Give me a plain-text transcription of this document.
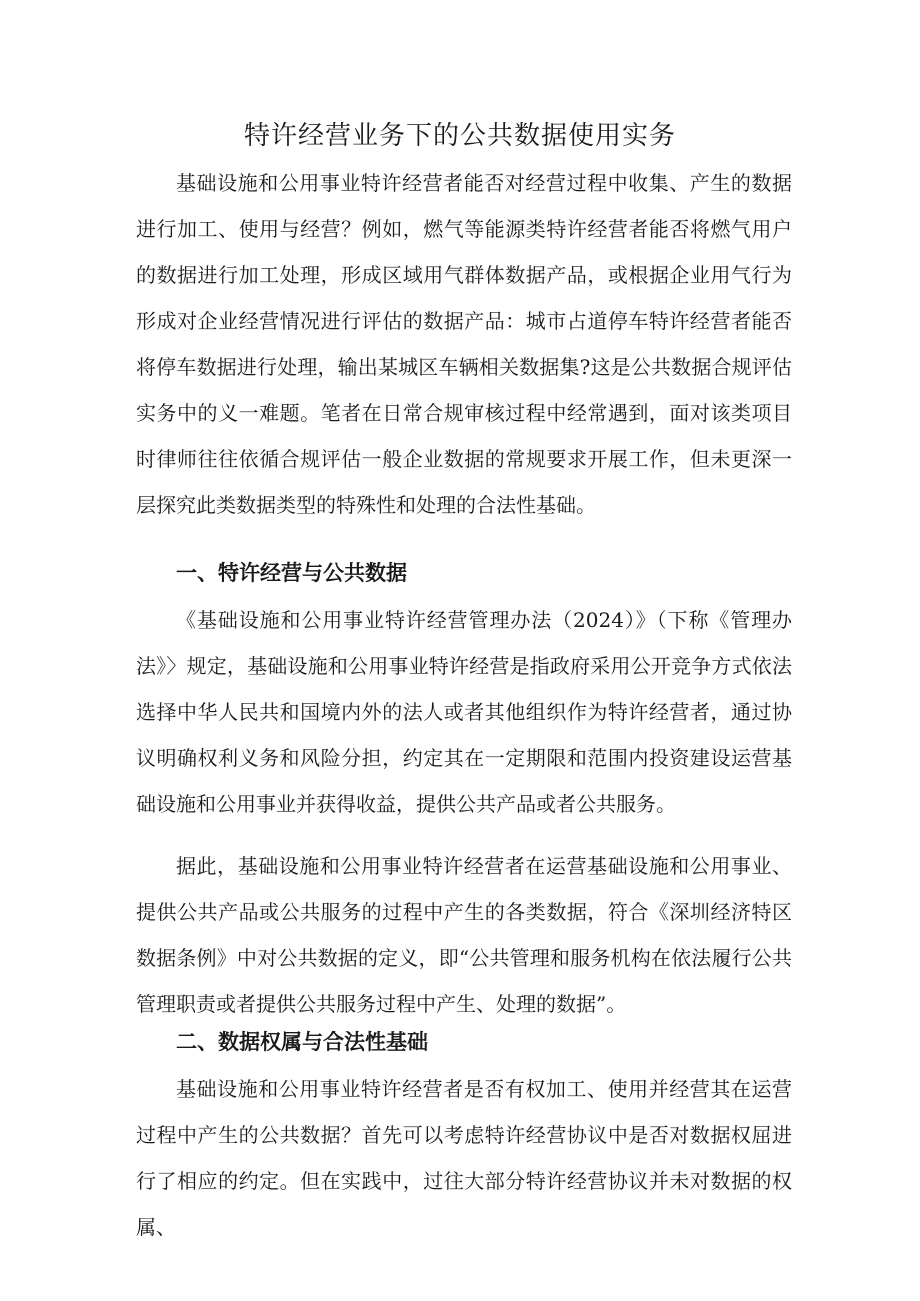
特许经营业务下的公共数据使用实务

基础设施和公用事业特许经营者能否对经营过程中收集、产生的数据进行加工、使用与经营？例如，燃气等能源类特许经营者能否将燃气用户的数据进行加工处理，形成区域用气群体数据产品，或根据企业用气行为形成对企业经营情况进行评估的数据产品：城市占道停车特许经营者能否将停车数据进行处理，输出某城区车辆相关数据集?这是公共数据合规评估实务中的义一难题。笔者在日常合规审核过程中经常遇到，面对该类项目时律师往往依循合规评估一般企业数据的常规要求开展工作，但未更深一层探究此类数据类型的特殊性和处理的合法性基础。

一、特许经营与公共数据

《基础设施和公用事业特许经营管理办法（2024）》（下称《管理办法》〉规定，基础设施和公用事业特许经营是指政府采用公开竞争方式依法选择中华人民共和国境内外的法人或者其他组织作为特许经营者，通过协议明确权利义务和风险分担，约定其在一定期限和范围内投资建设运营基础设施和公用事业并获得收益，提供公共产品或者公共服务。

据此，基础设施和公用事业特许经营者在运营基础设施和公用事业、提供公共产品或公共服务的过程中产生的各类数据，符合《深圳经济特区数据条例》中对公共数据的定义，即“公共管理和服务机构在依法履行公共管理职责或者提供公共服务过程中产生、处理的数据”。

二、数据权属与合法性基础

基础设施和公用事业特许经营者是否有权加工、使用并经营其在运营过程中产生的公共数据？首先可以考虑特许经营协议中是否对数据权屈进行了相应的约定。但在实践中，过往大部分特许经营协议并未对数据的权属、
